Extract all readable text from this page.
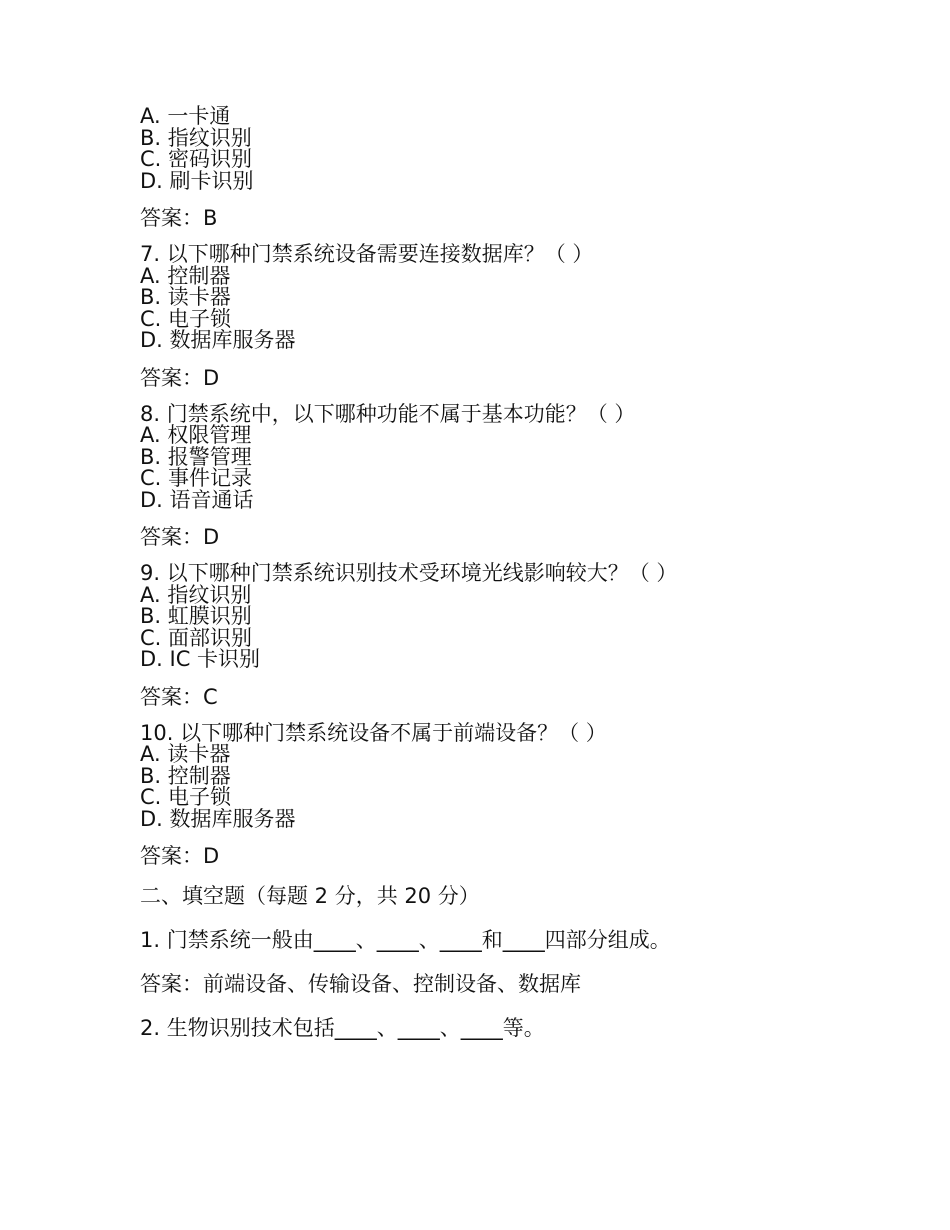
A. 一卡通
B. 指纹识别
C. 密码识别
D. 刷卡识别
答案：B
7. 以下哪种门禁系统设备需要连接数据库？（ ）
A. 控制器
B. 读卡器
C. 电子锁
D. 数据库服务器
答案：D
8. 门禁系统中，以下哪种功能不属于基本功能？（ ）
A. 权限管理
B. 报警管理
C. 事件记录
D. 语音通话
答案：D
9. 以下哪种门禁系统识别技术受环境光线影响较大？（ ）
A. 指纹识别
B. 虹膜识别
C. 面部识别
D. IC 卡识别
答案：C
10. 以下哪种门禁系统设备不属于前端设备？（ ）
A. 读卡器
B. 控制器
C. 电子锁
D. 数据库服务器
答案：D
二、填空题（每题 2 分，共 20 分）
1. 门禁系统一般由____、____、____和____四部分组成。
答案：前端设备、传输设备、控制设备、数据库
2. 生物识别技术包括____、____、____等。
